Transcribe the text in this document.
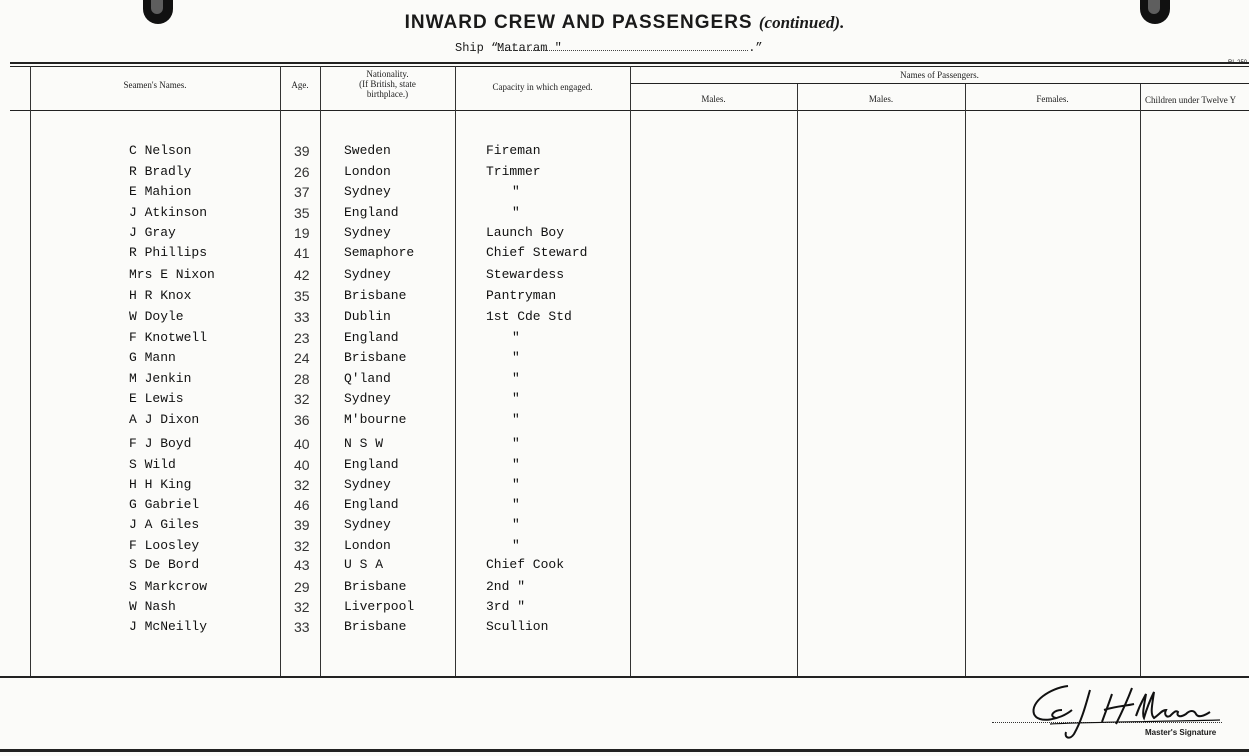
INWARD CREW AND PASSENGERS (continued).
Ship “	.”
Mataram "
Seamen's Names.	Age.
Nationality.
(If British, state
birthplace.)
Capacity in which engaged.
Names of Passengers.
Males.	Males.	Females.	Children under Twelve Y
C Nelson	39	Sweden	Fireman
R Bradly	26	London	Trimmer
E Mahion	37	Sydney	"
J Atkinson	35	England	"
J Gray	19	Sydney	Launch Boy
R Phillips	41	Semaphore	Chief Steward
Mrs E Nixon	42	Sydney	Stewardess
H R Knox	35	Brisbane	Pantryman
W Doyle	33	Dublin	1st Cde Std
F Knotwell	23	England	"
G Mann	24	Brisbane	"
M Jenkin	28	Q'land	"
E Lewis	32	Sydney	"
A J Dixon	36	M'bourne	"
F J Boyd	40	N S W	"
S Wild	40	England	"
H H King	32	Sydney	"
G Gabriel	46	England	"
J A Giles	39	Sydney	"
F Loosley	32	London	"
S De Bord	43	U S A	Chief Cook
S Markcrow	29	Brisbane	2nd "
W Nash	32	Liverpool	3rd "
J McNeilly	33	Brisbane	Scullion
Master's Signature
